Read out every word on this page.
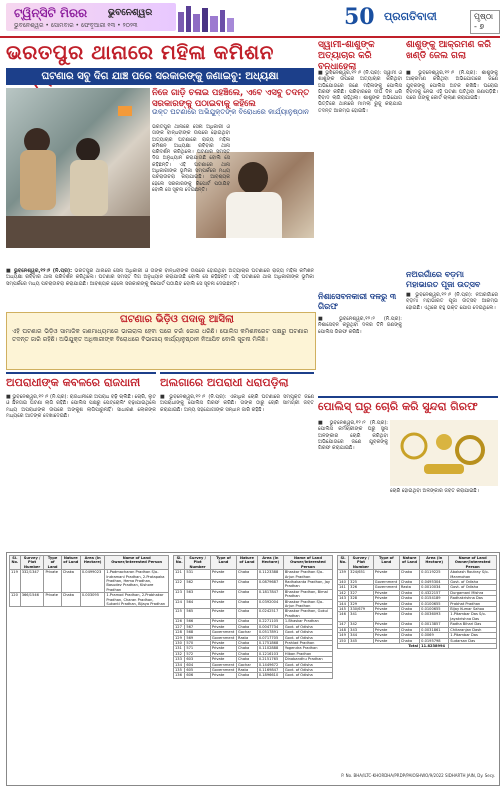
ଟ୍ୱିନ୍‌ସିଟି ମିରର ଭୁବନେଶ୍ୱର
ଭୁବନେଶ୍ୱର • ସୋମବାର • ଫେବୃଆରୀ ୧୩ • ୨୦୨୩	50 ପ୍ରଗତିବାଦୀ	ପୃଷ୍ଠା - ୭
ଭରତପୁର ଥାନାରେ ମହିଳା କମିଶନ
ଘଟଣାର ସବୁ ଦିଗ ଯାଞ୍ଚ ପରେ ସରକାରଙ୍କୁ ଜଣାଇବୁ: ଅଧ୍ୟକ୍ଷା
ନିଜେ ଗାଡ଼ି ଚଳାଇ ପହଞ୍ଚିଲେ, ଏବେ ଏସବୁ ତଦନ୍ତ ସରକାରଙ୍କୁ ପଠାଇବାକୁ କହିଲେ
ଉକ୍ତ ଘଟଣାରେ ଅଭିଯୁକ୍ତଙ୍କ ବିରୋଧରେ କାର୍ଯ୍ୟାନୁଷ୍ଠାନ
ଭରତପୁର ଥାନାରେ ସେନା ଅଧିକାରୀ ଓ ତାଙ୍କ ବାନ୍ଧବୀଙ୍କ ଉପରେ ହୋଇଥିବା ଅତ୍ୟାଚାର ଘଟଣାରେ ରାଜ୍ୟ ମହିଳା କମିଶନ ଅଧ୍ୟକ୍ଷା ରବିବାର ଥାନା ପରିଦର୍ଶନ କରିଥିଲେ। ଘଟଣାର ସମସ୍ତ ଦିଗ ଅନୁଧ୍ୟାନ କରାଯାଉଛି ବୋଲି ସେ କହିଛନ୍ତି। ଏହି ଘଟଣାରେ ଥାନା ଅଧିକାରୀଙ୍କ ଭୂମିକା ସମ୍ପର୍କରେ ମଧ୍ୟ ପଚରାଉଚରା କରାଯାଇଛି। ଆବଶ୍ୟକ ହେଲେ ସରକାରଙ୍କୁ ରିପୋର୍ଟ ପଠାଯିବ ବୋଲି ସେ ସୂଚନା ଦେଇଛନ୍ତି।
■ ଭୁବନେଶ୍ୱର,୧୨।୨ (ନି.ପ୍ର): ଭରତପୁର ଥାନାରେ ସେନା ଅଧିକାରୀ ଓ ତାଙ୍କ ବାନ୍ଧବୀଙ୍କ ଉପରେ ହୋଇଥିବା ଅତ୍ୟାଚାର ଘଟଣାରେ ରାଜ୍ୟ ମହିଳା କମିଶନ ଅଧ୍ୟକ୍ଷା ରବିବାର ଥାନା ପରିଦର୍ଶନ କରିଥିଲେ। ଘଟଣାର ସମସ୍ତ ଦିଗ ଅନୁଧ୍ୟାନ କରାଯାଉଛି ବୋଲି ସେ କହିଛନ୍ତି। ଏହି ଘଟଣାରେ ଥାନା ଅଧିକାରୀଙ୍କ ଭୂମିକା ସମ୍ପର୍କରେ ମଧ୍ୟ ପଚରାଉଚରା କରାଯାଇଛି। ଆବଶ୍ୟକ ହେଲେ ସରକାରଙ୍କୁ ରିପୋର୍ଟ ପଠାଯିବ ବୋଲି ସେ ସୂଚନା ଦେଇଛନ୍ତି।
ଘଟଣାର ଭିଡ଼ିଓ ପଦାକୁ ଆସିଲା
ଏହି ଘଟଣାର ଭିଡ଼ିଓ ସାମାଜିକ ଗଣମାଧ୍ୟମରେ ଭାଇରାଲ ହେବା ପରେ ଚର୍ଚ୍ଚା ଜୋର ଧରିଛି। ପୋଲିସ କମିଶନରେଟ ପକ୍ଷରୁ ଘଟଣାର ତଦନ୍ତ ଜାରି ରହିଛି। ଅଭିଯୁକ୍ତ ଅଧିକାରୀଙ୍କ ବିରୋଧରେ ବିଭାଗୀୟ କାର୍ଯ୍ୟାନୁଷ୍ଠାନ ନିଆଯିବ ବୋଲି ସୂଚନା ମିଳିଛି।
ସ୍ୱାମୀ-ଶାଶୁଙ୍କ ଅତ୍ୟାଚାର କରି ବନ୍ଧାହେଲା
ଶାଶୁଙ୍କୁ ଆକ୍ରମଣ କରି ଖଣ୍ଡି ଜେଲ ଗଲା
■ ଭୁବନେଶ୍ୱର,୧୨।୨ (ନି.ପ୍ର): ସ୍ୱାମୀ ଓ ଶାଶୁଙ୍କ ଉପରେ ଅତ୍ୟାଚାର କରିଥିବା ଅଭିଯୋଗରେ ଜଣେ ମହିଳାଙ୍କୁ ପୋଲିସ ଗିରଫ କରିଛି। ପରିବାରରେ ଦୀର୍ଘ ଦିନ ଧରି ବିବାଦ ଲାଗି ରହିଥିଲା। ଶାଶୁଙ୍କ ଅଭିଯୋଗ ଭିତ୍ତିରେ ଥାନାରେ ମାମଲା ରୁଜୁ କରାଯାଇ ତଦନ୍ତ ଆରମ୍ଭ ହୋଇଛି।
■ ଭୁବନେଶ୍ୱର,୧୨।୨ (ନି.ପ୍ର): ଶାଶୁଙ୍କୁ ଆକ୍ରମଣ କରିଥିବା ଅଭିଯୋଗରେ ଜଣେ ଯୁବକଙ୍କୁ ପୋଲିସ ଅଟକ ରଖିଛି। ଘରୋଇ ବିବାଦକୁ ନେଇ ଏହି ଘଟଣା ଘଟିଥିବା ଜଣାପଡ଼ିଛି। ପରେ ତାଙ୍କୁ କୋର୍ଟ ଚାଲାଣ କରାଯାଇଛି।
ନିଶାସେବନକାରୀ ଦଳରୁ ୩ ଗିରଫ
■ ଭୁବନେଶ୍ୱର,୧୨।୨ (ନି.ପ୍ର): ନିଶାସେବନ କରୁଥିବା ଦଳର ତିନି ଜଣଙ୍କୁ ପୋଲିସ ଗିରଫ କରିଛି।
ନଅରଗାଁରେ ବଡ଼ମା ମହାଭାରତ ପୂଜା ଉତ୍ସବ
■ ଭୁବନେଶ୍ୱର,୧୨।୨ (ନି.ପ୍ର): ନଅରଗାଁରେ ବଡ଼ମା ମହାଭାରତ ପୂଜା ଉତ୍ସବ ଆରମ୍ଭ ହୋଇଛି। ଏଥିରେ ବହୁ ଭକ୍ତ ଯୋଗ ଦେଇଥିଲେ।
ଅପରାଧୀଙ୍କ କବଳରେ ରାଜଧାନୀ
■ ଭୁବନେଶ୍ୱର,୧୨।୨ (ନି.ପ୍ର): ରାଜଧାନୀରେ ଅପରାଧ ବଢ଼ି ଚାଲିଛି। ଚୋରି, ଲୁଟ ଓ ଛିନତାଇ ଘଟଣା ଲାଗି ରହିଛି। ପୋଲିସ ପକ୍ଷରୁ ପେଟ୍ରୋଲିଂ ବଢ଼ାଯାଇଥିଲେ ମଧ୍ୟ ଅପରାଧୀଙ୍କ ଉପରେ ଅଙ୍କୁଶ ଲାଗିପାରୁନାହିଁ। ସାଧାରଣ ଲୋକଙ୍କ ମଧ୍ୟରେ ଆତଙ୍କ ଦେଖାଦେଇଛି।
ଅଲଗାରେ ଅପରାଧୀ ଧରାପଡ଼ିଲା
■ ଭୁବନେଶ୍ୱର,୧୨।୨ (ନି.ପ୍ର): ଏକାଧିକ ଚୋରି ଘଟଣାରେ ସମ୍ପୃକ୍ତ ଜଣେ ଅପରାଧୀଙ୍କୁ ପୋଲିସ ଗିରଫ କରିଛି। ତାଙ୍କ ଠାରୁ ଚୋରି ସାମଗ୍ରୀ ଜବତ କରାଯାଇଛି। ଅନ୍ୟ ସହଯୋଗୀଙ୍କ ସନ୍ଧାନ ଜାରି ରହିଛି।	ପୋଲିସ୍ ଘରୁ ଚୋରି କରି ସୁନ୍ଦରା ଗିରଫ
■ ଭୁବନେଶ୍ୱର,୧୨।୨ (ନି.ପ୍ର): ପୋଲିସ କର୍ମଚାରୀଙ୍କ ଘରୁ ସୁନା ଅଳଙ୍କାର ଚୋରି କରିଥିବା ଅଭିଯୋଗରେ ଜଣେ ଯୁବକଙ୍କୁ ଗିରଫ କରାଯାଇଛି।
ଚୋରି ହୋଇଥିବା ଅଳଙ୍କାର ଜବତ କରାଯାଇଛି।
Sl. No.	Survey / Plot Number	Type of Land	Nature of Land	Area (in Hectare)	Name of Land Owner/Interested Person
119	332/1347	Private	Chaka	0.0499023	1.Padmacharan Pradhan S/o- Indramani Pradhan, 2.Pratapaka Pradhan, Hema Pradhan, Basudev Pradhan, Kishore Pradhan
120	366/1546	Private	Chaka	0.003095	1.Pramod Pradhan, 2.Prabhakar Pradhan, Charan Pradhan, Sukanti Pradhan, Bijaya Pradhan
Sl. No.	Survey / Plot Number	Type of Land	Nature of Land	Area (in Hectare)	Name of Land Owner/Interested Person
121	531	Private	Chaka	0.1123388	Bhaskar Pradhan S/o-Arjun Pradhan
122	562	Private	Chaka	0.0879687	Radhakanta Pradhan, Jay Pradhan
123	563	Private	Chaka	0.1817847	Bhaskar Pradhan, Bimal Pradhan
124	564	Private	Chaka	0.0392004	Bhaskar Pradhan S/o-Arjun Pradhan
125	565	Private	Chaka	0.0242517	Bhaskar Pradhan, Gokul Pradhan
126	566	Private	Chaka	0.2271105	1.Bhaskar Pradhan
127	567	Private	Chaka	0.0047734	Govt. of Odisha
128	568	Government	Gochar	0.0517891	Govt. of Odisha
129	569	Government	Rasta	0.0717705	Govt. of Odisha
130	570	Private	Chaka	0.1751868	Prahlad Pradhan
131	571	Private	Chaka	0.1102888	Yogendra Pradhan
132	572	Private	Chaka	0.1216103	Hiban Pradhan
133	603	Private	Chaka	0.2151765	Dinabandhu Pradhan
134	604	Government	Gochar	0.1449672	Govt. of Odisha
135	605	Government	Rasta	0.1169847	Govt. of Odisha
136	606	Private	Chaka	0.1896610	Govt. of Odisha
Sl. No.	Survey / Plot Number	Type of Land	Nature of Land	Area (in Hectare)	Name of Land Owner/Interested Person
139	324/651	Private	Chaka	0.0119225	Abakash Routray S/o- Manmohan
140	325	Government	Chaka	0.0495304	Govt. of Odisha
141	326	Government	Rasta	0.0010034	Govt. of Odisha
142	327	Private	Chaka	0.4322157	Durgamani Mishra
143	328	Private	Chaka	0.0154189	Radhakrishna Das
144	329	Private	Chaka	0.0100655	Prabhat Pradhan
145	330/679	Private	Chaka	0.0100655	Bijay Kumar Sahoo
146	341	Private	Chaka	0.0036093	1.Pitambar Das S/o- Jayakrishna Das
147	342	Private	Chaka	0.0013857	Radha Bihari Das
148	343	Private	Chaka	0.0031861	Chitaranjan Dash
149	344	Private	Chaka	0.0069	1.Pitambar Das
150	345	Private	Chaka	0.0195798	Sudarsan Das
Total				11.8238994	
P. No. BHA/ILTC-KHORDHA/PRDP/PAIOSHWO/9/2022 SIDHARTH JAIN, Dy. Secy.
